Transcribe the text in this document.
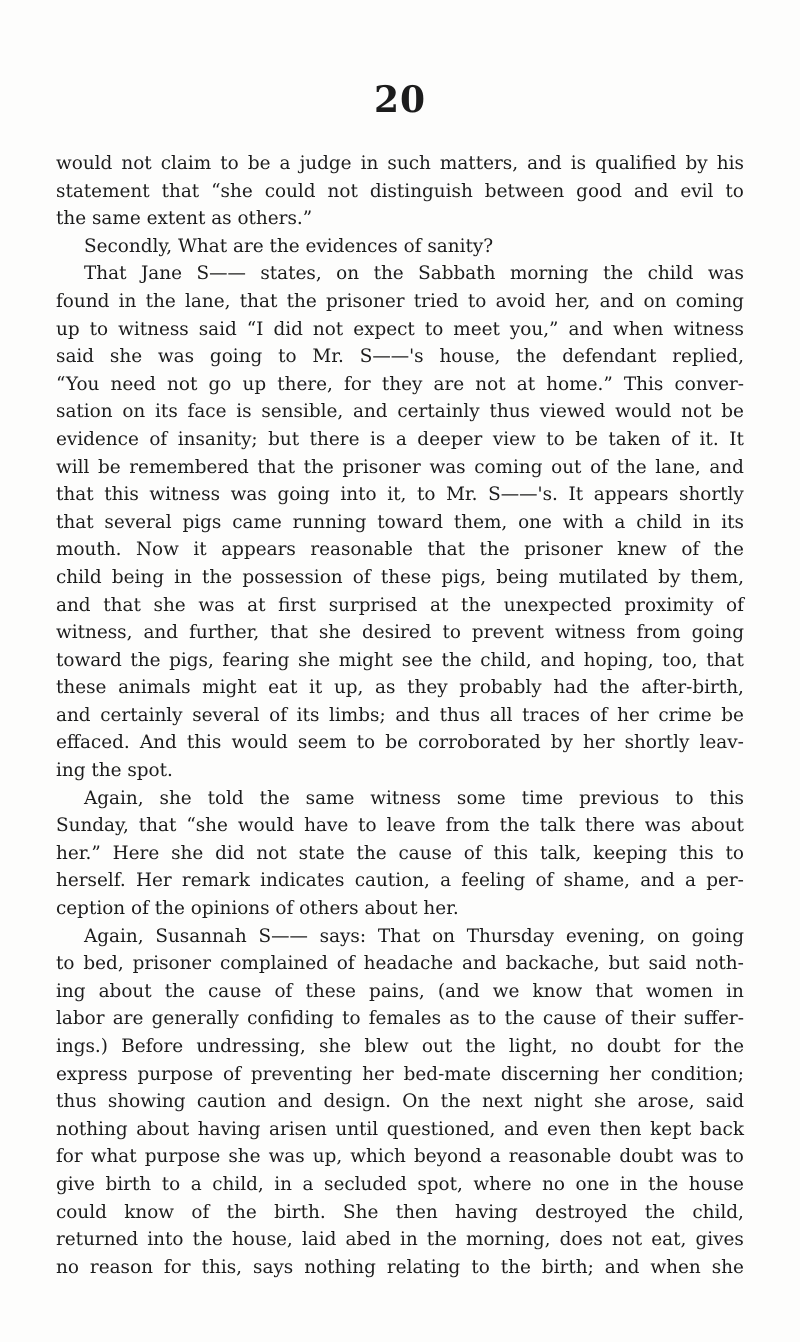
20
would not claim to be a judge in such matters, and is qualified by his
statement that “she could not distinguish between good and evil to
the
same
extent
as
others.”
Secondly,
What
are
the
evidences
of
sanity?
That Jane S—— states, on the Sabbath morning the child was
found in the lane, that the prisoner tried to avoid her, and on coming
up to witness said “I did not expect to meet you,” and when witness
said she was going to Mr. S——'s house, the defendant replied,
“You need not go up there, for they are not at home.” This conver-
sation on its face is sensible, and certainly thus viewed would not be
evidence of insanity; but there is a deeper view to be taken of it. It
will be remembered that the prisoner was coming out of the lane, and
that this witness was going into it, to Mr. S——'s. It appears shortly
that several pigs came running toward them, one with a child in its
mouth. Now it appears reasonable that the prisoner knew of the
child being in the possession of these pigs, being mutilated by them,
and that she was at first surprised at the unexpected proximity of
witness, and further, that she desired to prevent witness from going
toward the pigs, fearing she might see the child, and hoping, too, that
these animals might eat it up, as they probably had the after-birth,
and certainly several of its limbs; and thus all traces of her crime be
effaced. And this would seem to be corroborated by her shortly leav-
ing
the
spot.
Again, she told the same witness some time previous to this
Sunday, that “she would have to leave from the talk there was about
her.” Here she did not state the cause of this talk, keeping this to
herself. Her remark indicates caution, a feeling of shame, and a per-
ception
of
the
opinions
of
others
about
her.
Again, Susannah S—— says: That on Thursday evening, on going
to bed, prisoner complained of headache and backache, but said noth-
ing about the cause of these pains, (and we know that women in
labor are generally confiding to females as to the cause of their suffer-
ings.) Before undressing, she blew out the light, no doubt for the
express purpose of preventing her bed-mate discerning her condition;
thus showing caution and design. On the next night she arose, said
nothing about having arisen until questioned, and even then kept back
for what purpose she was up, which beyond a reasonable doubt was to
give birth to a child, in a secluded spot, where no one in the house
could know of the birth. She then having destroyed the child,
returned into the house, laid abed in the morning, does not eat, gives
no reason for this, says nothing relating to the birth; and when she
